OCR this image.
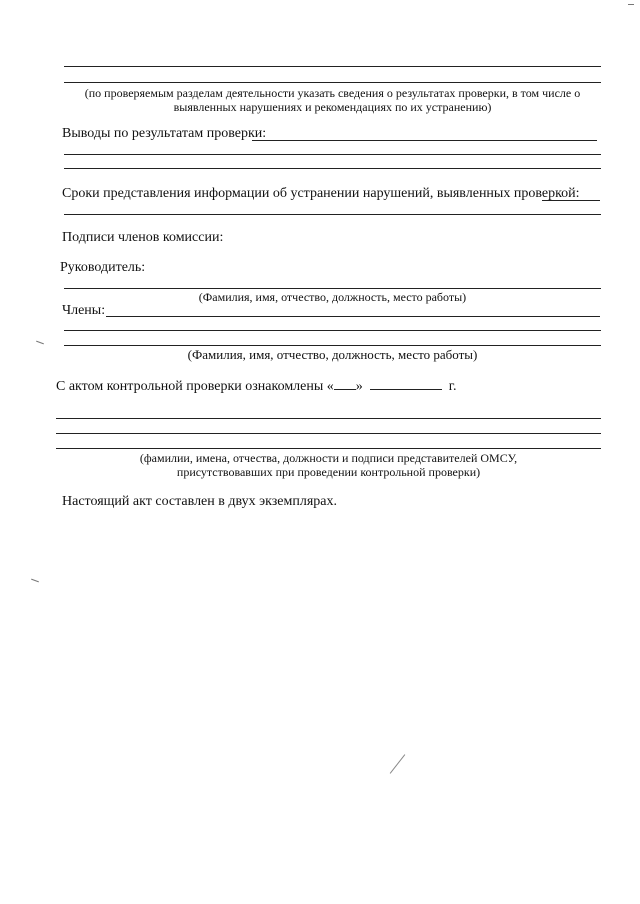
(по проверяемым разделам деятельности указать сведения о результатах проверки, в том числе о
выявленных нарушениях и рекомендациях по их устранению)
Выводы по результатам проверки:
Сроки представления информации об устранении нарушений, выявленных проверкой:
Подписи членов комиссии:
Руководитель:
(Фамилия, имя, отчество, должность, место работы)
Члены:
(Фамилия, имя, отчество, должность, место работы)
С актом контрольной проверки ознакомлены « »	г.
(фамилии, имена, отчества, должности и подписи представителей ОМСУ,
присутствовавших при проведении контрольной проверки)
Настоящий акт составлен в двух экземплярах.
